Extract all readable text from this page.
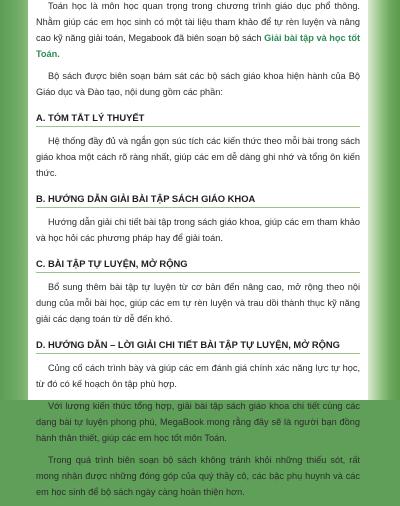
Toán học là môn học quan trọng trong chương trình giáo dục phổ thông. Nhằm giúp các em học sinh có một tài liệu tham khảo để tự rèn luyện và nâng cao kỹ năng giải toán, Megabook đã biên soạn bộ sách Giải bài tập và học tốt Toán.

Bộ sách được biên soạn bám sát các bộ sách giáo khoa hiện hành của Bộ Giáo dục và Đào tạo, nội dung gồm các phần:

A. TÓM TẮT LÝ THUYẾT

Hệ thống đầy đủ và ngắn gọn súc tích các kiến thức theo mỗi bài trong sách giáo khoa một cách rõ ràng nhất, giúp các em dễ dàng ghi nhớ và tổng ôn kiến thức.

B. HƯỚNG DẪN GIẢI BÀI TẬP SÁCH GIÁO KHOA

Hướng dẫn giải chi tiết bài tập trong sách giáo khoa, giúp các em tham khảo và học hỏi các phương pháp hay để giải toán.

C. BÀI TẬP TỰ LUYỆN, MỞ RỘNG

Bổ sung thêm bài tập tự luyện từ cơ bản đến nâng cao, mở rộng theo nội dung của mỗi bài học, giúp các em tự rèn luyện và trau dồi thành thục kỹ năng giải các dạng toán từ dễ đến khó.

D. HƯỚNG DẪN – LỜI GIẢI CHI TIẾT BÀI TẬP TỰ LUYỆN, MỞ RỘNG

Củng cố cách trình bày và giúp các em đánh giá chính xác năng lực tự học, từ đó có kế hoạch ôn tập phù hợp.

Với lượng kiến thức tổng hợp, giải bài tập sách giáo khoa chi tiết cùng các dạng bài tự luyện phong phú, MegaBook mong rằng đây sẽ là người bạn đồng hành thân thiết, giúp các em học tốt môn Toán.

Trong quá trình biên soạn bộ sách không tránh khỏi những thiếu sót, rất mong nhận được những đóng góp của quý thầy cô, các bậc phụ huynh và các em học sinh để bộ sách ngày càng hoàn thiện hơn.
